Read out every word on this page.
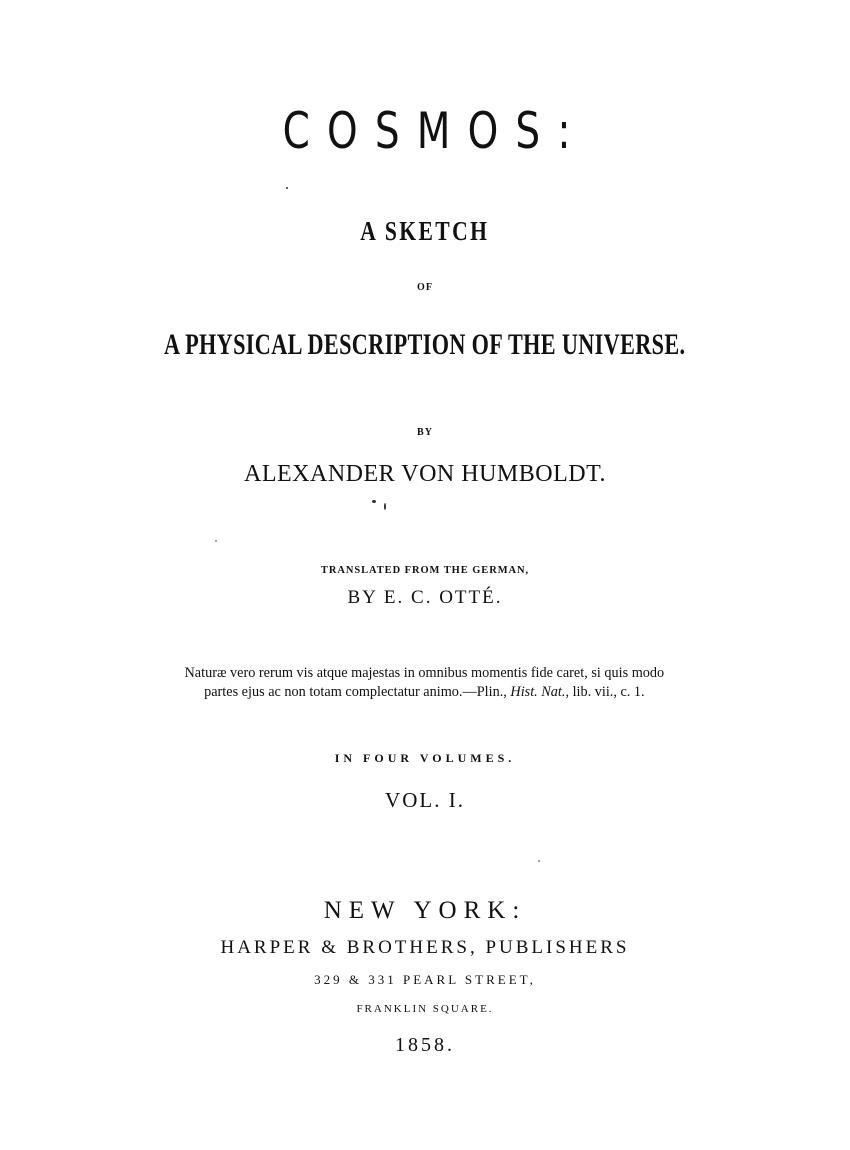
COSMOS:
A SKETCH
OF
A PHYSICAL DESCRIPTION OF THE UNIVERSE.
BY
ALEXANDER VON HUMBOLDT.
TRANSLATED FROM THE GERMAN,
BY E. C. OTTÉ.
Naturæ vero rerum vis atque majestas in omnibus momentis fide caret, si quis modo
partes ejus ac non totam complectatur animo.—Plin., Hist. Nat., lib. vii., c. 1.
IN FOUR VOLUMES.
VOL. I.
NEW YORK:
HARPER & BROTHERS, PUBLISHERS
329 & 331 PEARL STREET,
FRANKLIN SQUARE.
1858.
